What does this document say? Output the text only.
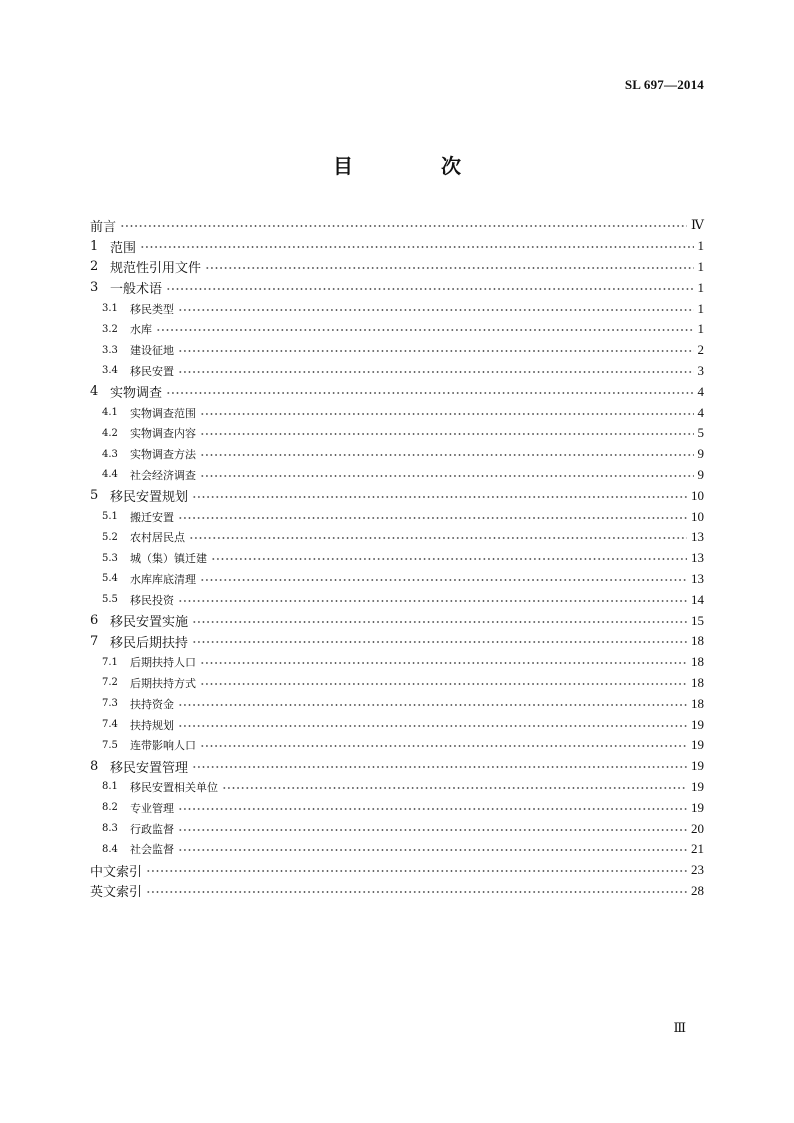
SL 697—2014
目　次
前言	Ⅳ
1 范围	1
2 规范性引用文件	1
3 一般术语	1
3.1	移民类型	1
3.2	水库	1
3.3	建设征地	2
3.4	移民安置	3
4 实物调查	4
4.1	实物调查范围	4
4.2	实物调查内容	5
4.3	实物调查方法	9
4.4	社会经济调查	9
5 移民安置规划	10
5.1	搬迁安置	10
5.2	农村居民点	13
5.3	城（集）镇迁建	13
5.4	水库库底清理	13
5.5	移民投资	14
6 移民安置实施	15
7 移民后期扶持	18
7.1	后期扶持人口	18
7.2	后期扶持方式	18
7.3	扶持资金	18
7.4	扶持规划	19
7.5	连带影响人口	19
8 移民安置管理	19
8.1	移民安置相关单位	19
8.2	专业管理	19
8.3	行政监督	20
8.4	社会监督	21
中文索引	23
英文索引	28
Ⅲ
